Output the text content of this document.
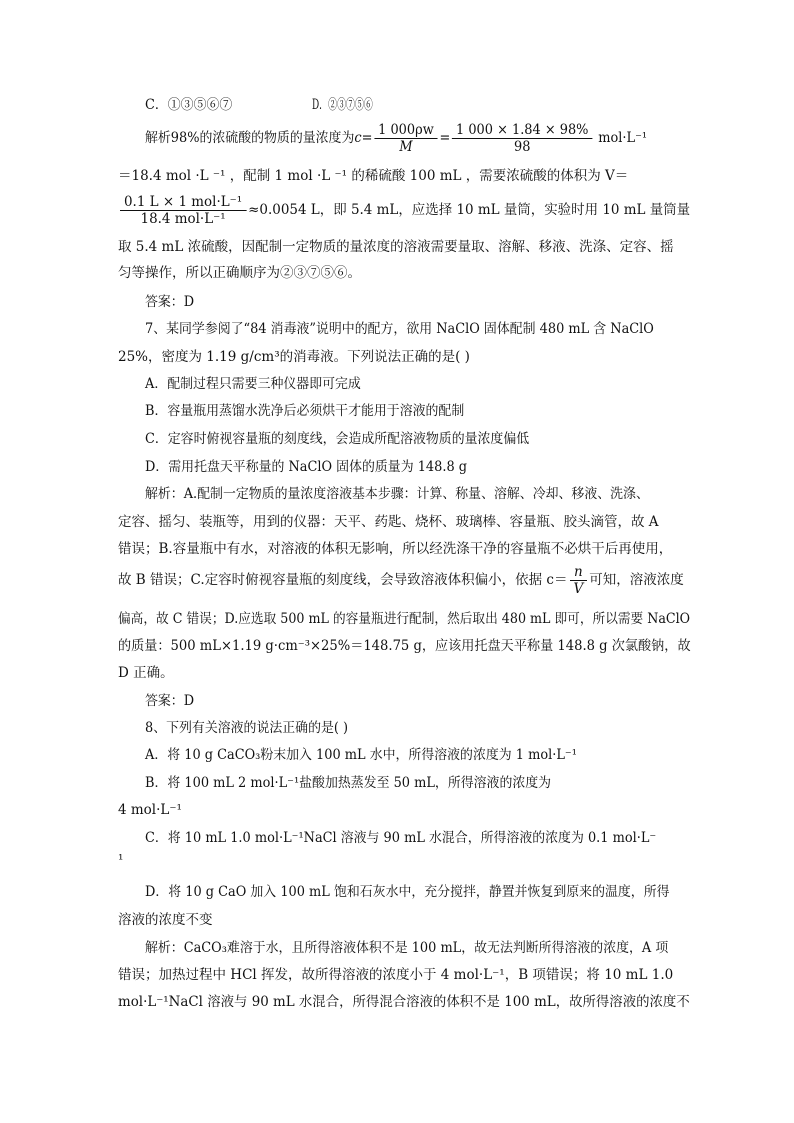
C．①③⑤⑥⑦	D．②③⑦⑤⑥
解析98%的浓硫酸的物质的量浓度为$c= \frac{1 000\rho w}{M} = \frac{1 000 \times 1.84 \times 98\%}{98} mol\cdot L^{-1}$
＝18.4 mol ·L ⁻¹ ，配制 1 mol ·L ⁻¹ 的稀硫酸 100 mL ，需要浓硫酸的体积为 V＝
$\frac{\text{0.1 L × 1 mol·L⁻¹}}{\text{18.4 mol·L⁻¹}} \approx 0.0054$ L，即 5.4 mL，应选择 10 mL 量筒，实验时用 10 mL 量筒量
取 5.4 mL 浓硫酸，因配制一定物质的量浓度的溶液需要量取、溶解、移液、洗涤、定容、摇
匀等操作，所以正确顺序为②③⑦⑤⑥。
答案：D
7、某同学参阅了“84 消毒液”说明中的配方，欲用 NaClO 固体配制 480 mL 含 NaClO
25%，密度为 1.19 g/cm³的消毒液。下列说法正确的是( )
A．配制过程只需要三种仪器即可完成
B．容量瓶用蒸馏水洗净后必须烘干才能用于溶液的配制
C．定容时俯视容量瓶的刻度线，会造成所配溶液物质的量浓度偏低
D．需用托盘天平称量的 NaClO 固体的质量为 148.8 g
解析：A.配制一定物质的量浓度溶液基本步骤：计算、称量、溶解、冷却、移液、洗涤、
定容、摇匀、装瓶等，用到的仪器：天平、药匙、烧杯、玻璃棒、容量瓶、胶头滴管，故 A
错误；B.容量瓶中有水，对溶液的体积无影响，所以经洗涤干净的容量瓶不必烘干后再使用，
故 B 错误；C.定容时俯视容量瓶的刻度线，会导致溶液体积偏小，依据 $c= \frac{n}{V}$ 可知，溶液浓度
偏高，故 C 错误；D.应选取 500 mL 的容量瓶进行配制，然后取出 480 mL 即可，所以需要 NaClO
的质量：500 mL×1.19 g·cm⁻³×25%＝148.75 g，应该用托盘天平称量 148.8 g 次氯酸钠，故
D 正确。
答案：D
8、下列有关溶液的说法正确的是( )
A．将 10 g CaCO₃粉末加入 100 mL 水中，所得溶液的浓度为 1 mol·L⁻¹
B．将 100 mL 2 mol·L⁻¹盐酸加热蒸发至 50 mL，所得溶液的浓度为
4 mol·L⁻¹
C．将 10 mL 1.0 mol·L⁻¹NaCl 溶液与 90 mL 水混合，所得溶液的浓度为 0.1 mol·L⁻
¹
D．将 10 g CaO 加入 100 mL 饱和石灰水中，充分搅拌，静置并恢复到原来的温度，所得
溶液的浓度不变
解析：CaCO₃难溶于水，且所得溶液体积不是 100 mL，故无法判断所得溶液的浓度，A 项
错误；加热过程中 HCl 挥发，故所得溶液的浓度小于 4 mol·L⁻¹，B 项错误；将 10 mL 1.0
mol·L⁻¹NaCl 溶液与 90 mL 水混合，所得混合溶液的体积不是 100 mL，故所得溶液的浓度不
